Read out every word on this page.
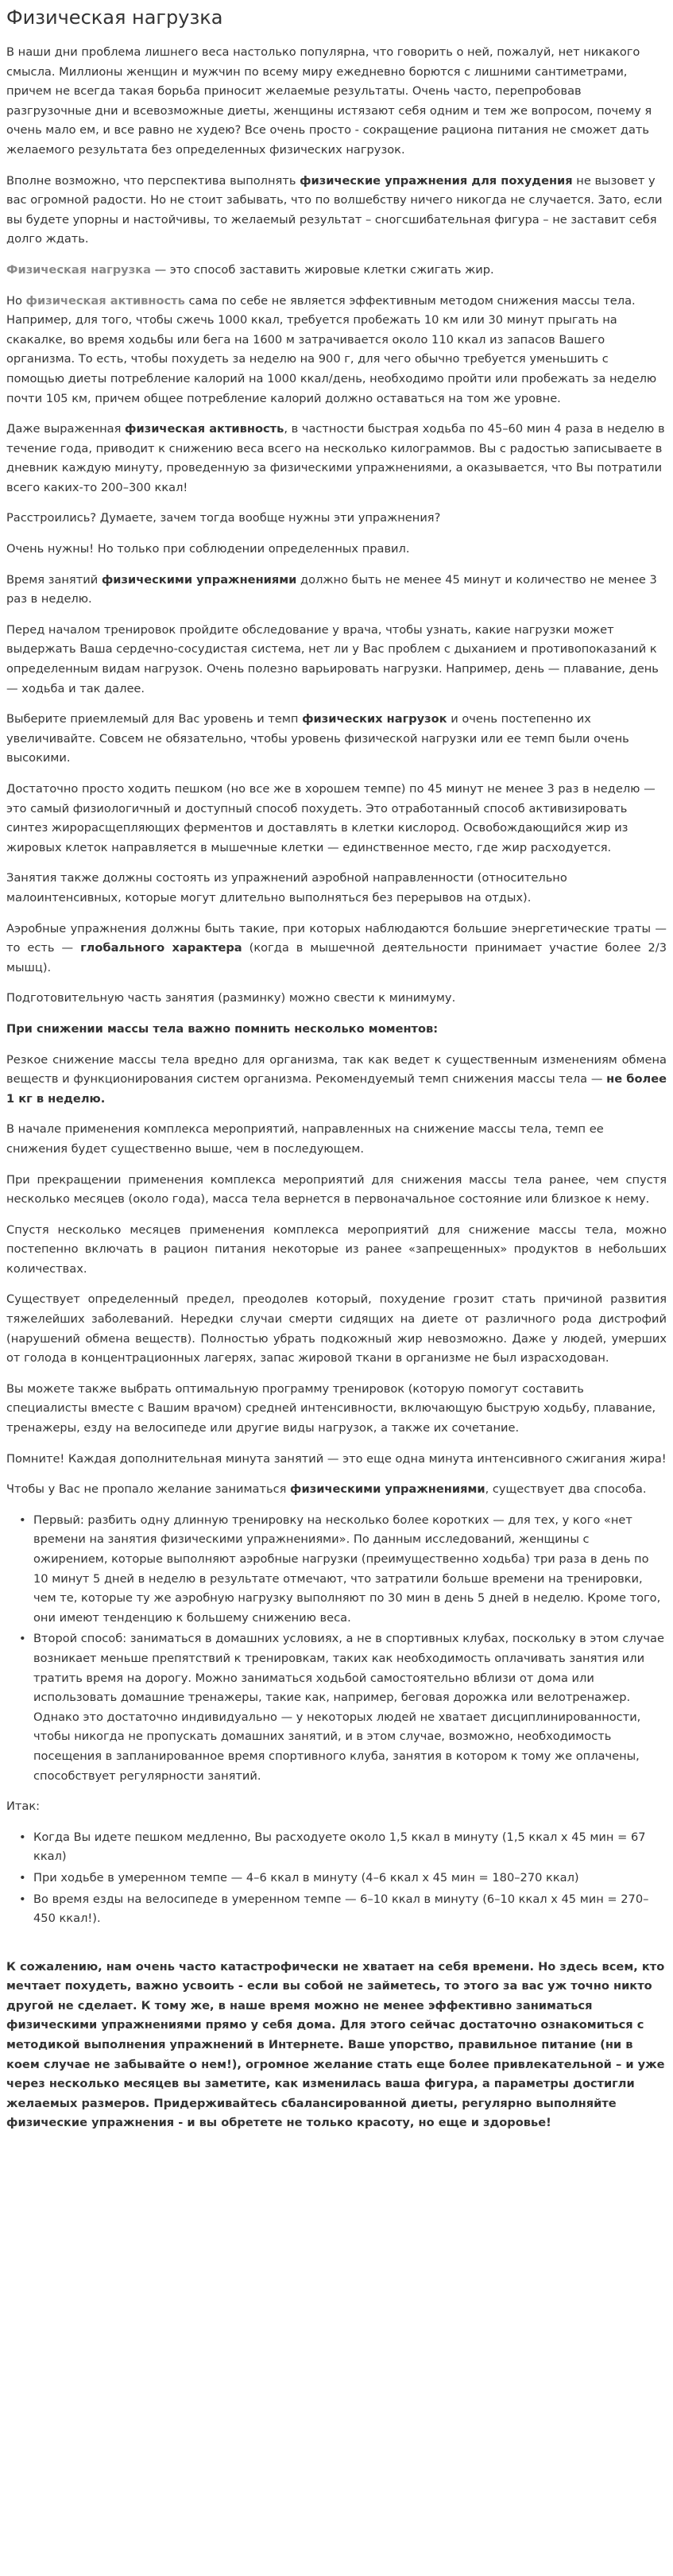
Физическая нагрузка

В наши дни проблема лишнего веса настолько популярна, что говорить о ней, пожалуй, нет никакого смысла. Миллионы женщин и мужчин по всему миру ежедневно борются с лишними сантиметрами, причем не всегда такая борьба приносит желаемые результаты. Очень часто, перепробовав разгрузочные дни и всевозможные диеты, женщины истязают себя одним и тем же вопросом, почему я очень мало ем, и все равно не худею? Все очень просто - сокращение рациона питания не сможет дать желаемого результата без определенных физических нагрузок.

Вполне возможно, что перспектива выполнять физические упражнения для похудения не вызовет у вас огромной радости. Но не стоит забывать, что по волшебству ничего никогда не случается. Зато, если вы будете упорны и настойчивы, то желаемый результат – сногсшибательная фигура – не заставит себя долго ждать.

Физическая нагрузка — это способ заставить жировые клетки сжигать жир.

Но физическая активность сама по себе не является эффективным методом снижения массы тела. Например, для того, чтобы сжечь 1000 ккал, требуется пробежать 10 км или 30 минут прыгать на скакалке, во время ходьбы или бега на 1600 м затрачивается около 110 ккал из запасов Вашего организма. То есть, чтобы похудеть за неделю на 900 г, для чего обычно требуется уменьшить с помощью диеты потребление калорий на 1000 ккал/день, необходимо пройти или пробежать за неделю почти 105 км, причем общее потребление калорий должно оставаться на том же уровне.

Даже выраженная физическая активность, в частности быстрая ходьба по 45–60 мин 4 раза в неделю в течение года, приводит к снижению веса всего на несколько килограммов. Вы с радостью записываете в дневник каждую минуту, проведенную за физическими упражнениями, а оказывается, что Вы потратили всего каких-то 200–300 ккал!

Расстроились? Думаете, зачем тогда вообще нужны эти упражнения?

Очень нужны! Но только при соблюдении определенных правил.

Время занятий физическими упражнениями должно быть не менее 45 минут и количество не менее 3 раз в неделю.

Перед началом тренировок пройдите обследование у врача, чтобы узнать, какие нагрузки может выдержать Ваша сердечно-сосудистая система, нет ли у Вас проблем с дыханием и противопоказаний к определенным видам нагрузок. Очень полезно варьировать нагрузки. Например, день — плавание, день — ходьба и так далее.

Выберите приемлемый для Вас уровень и темп физических нагрузок и очень постепенно их увеличивайте. Совсем не обязательно, чтобы уровень физической нагрузки или ее темп были очень высокими.

Достаточно просто ходить пешком (но все же в хорошем темпе) по 45 минут не менее 3 раз в неделю — это самый физиологичный и доступный способ похудеть. Это отработанный способ активизировать синтез жирорасщепляющих ферментов и доставлять в клетки кислород. Освобождающийся жир из жировых клеток направляется в мышечные клетки — единственное место, где жир расходуется.

Занятия также должны состоять из упражнений аэробной направленности (относительно малоинтенсивных, которые могут длительно выполняться без перерывов на отдых).

Аэробные упражнения должны быть такие, при которых наблюдаются большие энергетические траты — то есть — глобального характера (когда в мышечной деятельности принимает участие более 2/3 мышц).

Подготовительную часть занятия (разминку) можно свести к минимуму.

При снижении массы тела важно помнить несколько моментов:

Резкое снижение массы тела вредно для организма, так как ведет к существенным изменениям обмена веществ и функционирования систем организма. Рекомендуемый темп снижения массы тела — не более 1 кг в неделю.

В начале применения комплекса мероприятий, направленных на снижение массы тела, темп ее снижения будет существенно выше, чем в последующем.

При прекращении применения комплекса мероприятий для снижения массы тела ранее, чем спустя несколько месяцев (около года), масса тела вернется в первоначальное состояние или близкое к нему.

Спустя несколько месяцев применения комплекса мероприятий для снижение массы тела, можно постепенно включать в рацион питания некоторые из ранее «запрещенных» продуктов в небольших количествах.

Существует определенный предел, преодолев который, похудение грозит стать причиной развития тяжелейших заболеваний. Нередки случаи смерти сидящих на диете от различного рода дистрофий (нарушений обмена веществ). Полностью убрать подкожный жир невозможно. Даже у людей, умерших от голода в концентрационных лагерях, запас жировой ткани в организме не был израсходован.

Вы можете также выбрать оптимальную программу тренировок (которую помогут составить специалисты вместе с Вашим врачом) средней интенсивности, включающую быструю ходьбу, плавание, тренажеры, езду на велосипеде или другие виды нагрузок, а также их сочетание.

Помните! Каждая дополнительная минута занятий — это еще одна минута интенсивного сжигания жира!

Чтобы у Вас не пропало желание заниматься физическими упражнениями, существует два способа.

• Первый: разбить одну длинную тренировку на несколько более коротких — для тех, у кого «нет времени на занятия физическими упражнениями». По данным исследований, женщины с ожирением, которые выполняют аэробные нагрузки (преимущественно ходьба) три раза в день по 10 минут 5 дней в неделю в результате отмечают, что затратили больше времени на тренировки, чем те, которые ту же аэробную нагрузку выполняют по 30 мин в день 5 дней в неделю. Кроме того, они имеют тенденцию к большему снижению веса.
• Второй способ: заниматься в домашних условиях, а не в спортивных клубах, поскольку в этом случае возникает меньше препятствий к тренировкам, таких как необходимость оплачивать занятия или тратить время на дорогу. Можно заниматься ходьбой самостоятельно вблизи от дома или использовать домашние тренажеры, такие как, например, беговая дорожка или велотренажер. Однако это достаточно индивидуально — у некоторых людей не хватает дисциплинированности, чтобы никогда не пропускать домашних занятий, и в этом случае, возможно, необходимость посещения в запланированное время спортивного клуба, занятия в котором к тому же оплачены, способствует регулярности занятий.

Итак:

• Когда Вы идете пешком медленно, Вы расходуете около 1,5 ккал в минуту (1,5 ккал х 45 мин = 67 ккал)
• При ходьбе в умеренном темпе — 4–6 ккал в минуту (4–6 ккал х 45 мин = 180–270 ккал)
• Во время езды на велосипеде в умеренном темпе — 6–10 ккал в минуту (6–10 ккал х 45 мин = 270–450 ккал!).

К сожалению, нам очень часто катастрофически не хватает на себя времени. Но здесь всем, кто мечтает похудеть, важно усвоить - если вы собой не займетесь, то этого за вас уж точно никто другой не сделает. К тому же, в наше время можно не менее эффективно заниматься физическими упражнениями прямо у себя дома. Для этого сейчас достаточно ознакомиться с методикой выполнения упражнений в Интернете. Ваше упорство, правильное питание (ни в коем случае не забывайте о нем!), огромное желание стать еще более привлекательной – и уже через несколько месяцев вы заметите, как изменилась ваша фигура, а параметры достигли желаемых размеров. Придерживайтесь сбалансированной диеты, регулярно выполняйте физические упражнения - и вы обретете не только красоту, но еще и здоровье!
